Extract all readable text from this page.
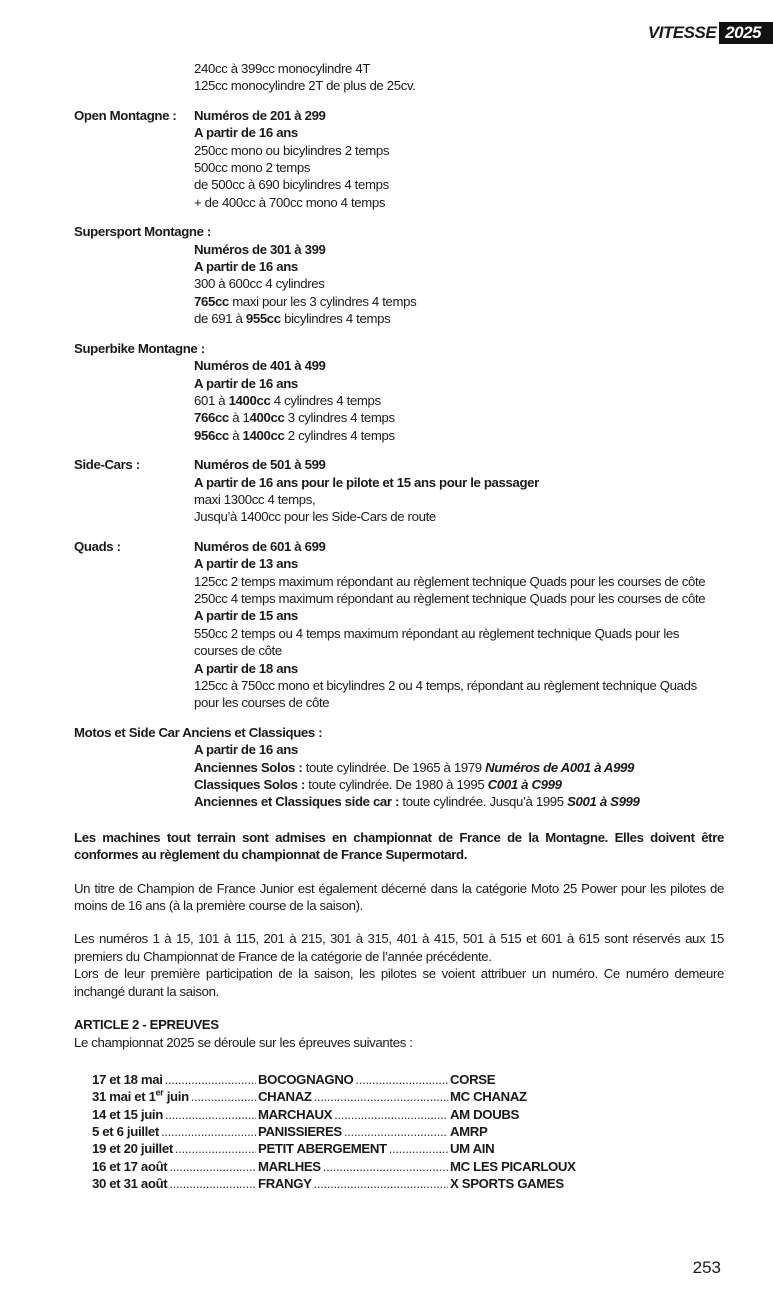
VITESSE 2025
240cc à 399cc monocylindre 4T
125cc monocylindre 2T de plus de 25cv.
Open Montagne :	Numéros de 201 à 299
A partir de 16 ans
250cc mono ou bicylindres 2 temps
500cc mono 2 temps
de 500cc à 690 bicylindres 4 temps
+ de 400cc à 700cc mono 4 temps
Supersport Montagne :
Numéros de 301 à 399
A partir de 16 ans
300 à 600cc 4 cylindres
765cc maxi pour les 3 cylindres 4 temps
de 691 à 955cc bicylindres 4 temps
Superbike Montagne :
Numéros de 401 à 499
A partir de 16 ans
601 à 1400cc 4 cylindres 4 temps
766cc à 1400cc 3 cylindres 4 temps
956cc à 1400cc 2 cylindres 4 temps
Side-Cars :	Numéros de 501 à 599
A partir de 16 ans pour le pilote et 15 ans pour le passager
maxi 1300cc 4 temps,
Jusqu’à 1400cc pour les Side-Cars de route
Quads :	Numéros de 601 à 699
A partir de 13 ans
125cc 2 temps maximum répondant au règlement technique Quads pour les courses de côte
250cc 4 temps maximum répondant au règlement technique Quads pour les courses de côte
A partir de 15 ans
550cc 2 temps ou 4 temps maximum répondant au règlement technique Quads pour les courses de côte
A partir de 18 ans
125cc à 750cc mono et bicylindres 2 ou 4 temps, répondant au règlement technique Quads pour les courses de côte
Motos et Side Car Anciens et Classiques :
A partir de 16 ans
Anciennes Solos : toute cylindrée. De 1965 à 1979 Numéros de A001 à A999
Classiques Solos : toute cylindrée. De 1980 à 1995 C001 à C999
Anciennes et Classiques side car : toute cylindrée. Jusqu’à 1995 S001 à S999
Les machines tout terrain sont admises en championnat de France de la Montagne. Elles doivent être conformes au règlement du championnat de France Supermotard.
Un titre de Champion de France Junior est également décerné dans la catégorie Moto 25 Power pour les pilotes de moins de 16 ans (à la première course de la saison).
Les numéros 1 à 15, 101 à 115, 201 à 215, 301 à 315, 401 à 415, 501 à 515 et 601 à 615 sont réservés aux 15 premiers du Championnat de France de la catégorie de l’année précédente.
Lors de leur première participation de la saison, les pilotes se voient attribuer un numéro. Ce numéro demeure inchangé durant la saison.
ARTICLE 2 - EPREUVES
Le championnat 2025 se déroule sur les épreuves suivantes :
17 et 18 mai .....	BOCOGNAGNO .....	CORSE
31 mai et 1er juin .....	CHANAZ .....	MC CHANAZ
14 et 15 juin .....	MARCHAUX .....	AM DOUBS
5 et 6 juillet .....	PANISSIERES .....	AMRP
19 et 20 juillet .....	PETIT ABERGEMENT .....	UM AIN
16 et 17 août .....	MARLHES .....	MC LES PICARLOUX
30 et 31 août .....	FRANGY .....	X SPORTS GAMES
253
